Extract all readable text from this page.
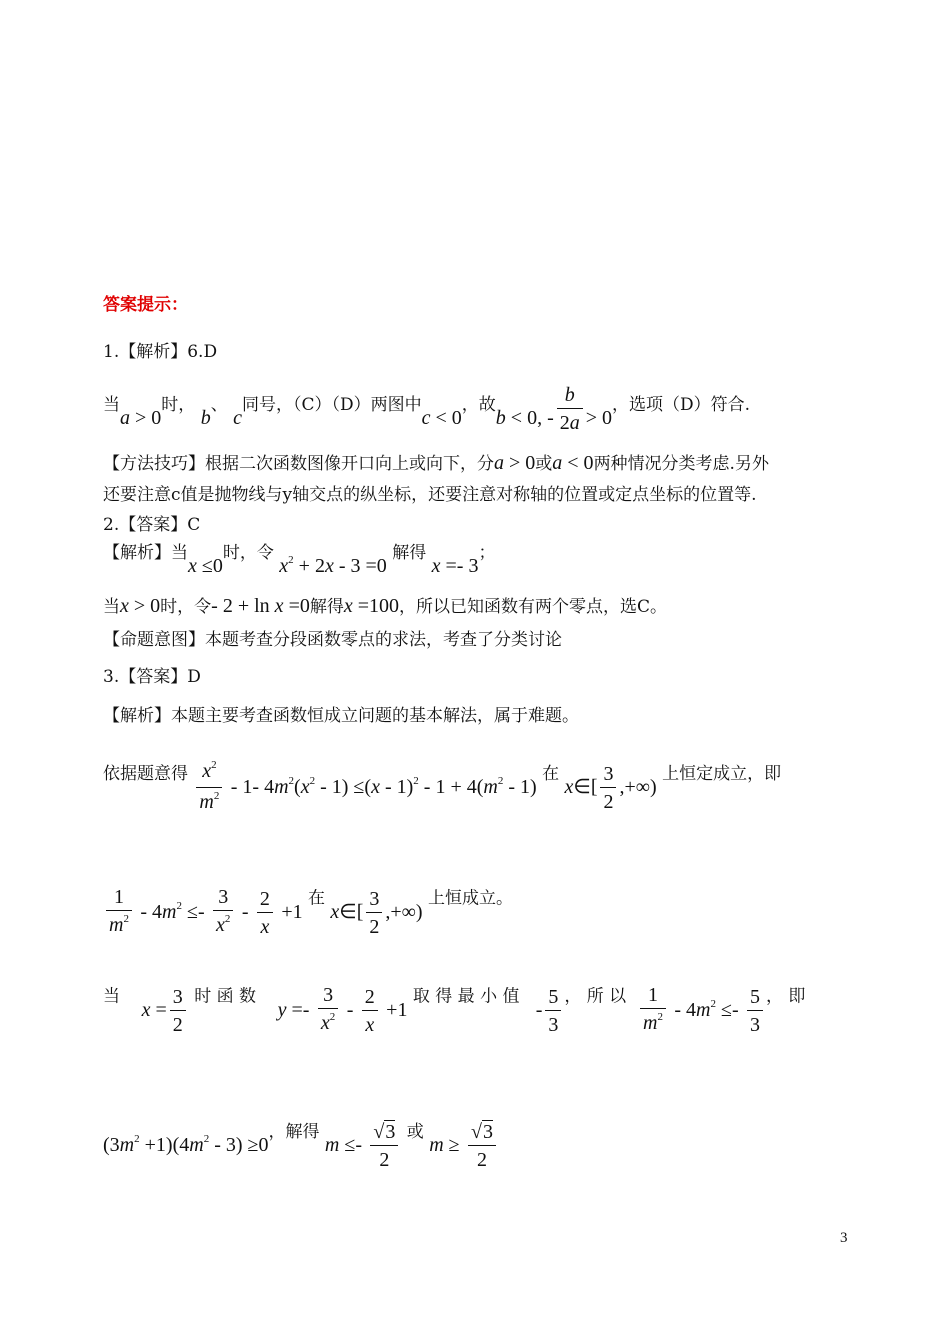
答案提示：
1.【解析】6.D
当a > 0时， b、 c同号，（C）（D）两图中c < 0，故b < 0, - $\frac{b}{2a} > 0$，选项（D）符合.
【方法技巧】根据二次函数图像开口向上或向下，分a > 0或a < 0两种情况分类考虑.另外
还要注意c值是抛物线与y轴交点的纵坐标，还要注意对称轴的位置或定点坐标的位置等.
2.【答案】C
【解析】当x ≤0时，令 $x^2 + 2x - 3 =0$ 解得 x =- 3；
当x > 0时，令- 2 + ln x =0解得x =100，所以已知函数有两个零点，选C。
【命题意图】本题考查分段函数零点的求法，考查了分类讨论
3.【答案】D
【解析】本题主要考查函数恒成立问题的基本解法，属于难题。
依据题意得 $\frac{x^2}{m^2} - 1-$ $4m^2(x^2 - 1) \le(x - 1)^2 - 1 + 4(m^2 - 1)$ 在 x∈[ $\frac{3}{2}$ ,+∞) 上恒定成立，即
$\frac{1}{m^2} - 4m^2 \le- \frac{3}{x^2} - \frac{2}{x} +1$ 在 x∈[ $\frac{3}{2}$ ,+∞) 上恒成立。
当    $x = \frac{3}{2}$ 时 函 数    $y =- \frac{3}{x^2} - \frac{2}{x} +1$ 取 得 最 小 值   - $\frac{5}{3}$ ， 所 以 $\frac{1}{m^2} - 4m^2 \le- \frac{5}{3}$ ， 即
$(3m^2 +1)(4m^2 - 3) \ge 0$，解得 $m \le- \frac{√3}{2}$ 或 $m \ge \frac{√3}{2}$
3
